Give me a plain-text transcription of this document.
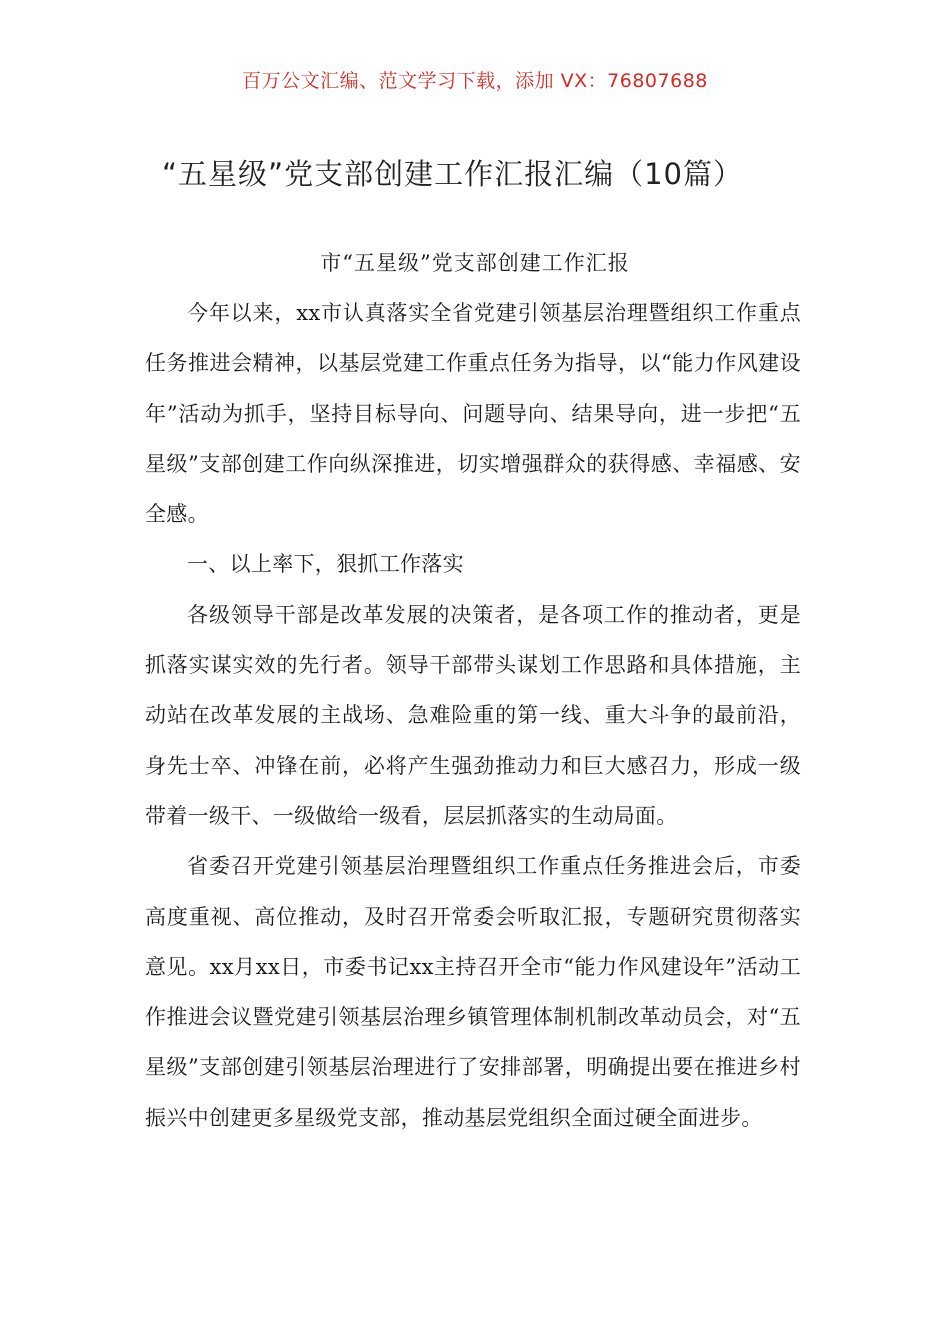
百万公文汇编、范文学习下载，添加 VX：76807688
“五星级”党支部创建工作汇报汇编（10篇）
市“五星级”党支部创建工作汇报

今年以来，xx市认真落实全省党建引领基层治理暨组织工作重点任务推进会精神，以基层党建工作重点任务为指导，以“能力作风建设年”活动为抓手，坚持目标导向、问题导向、结果导向，进一步把“五星级”支部创建工作向纵深推进，切实增强群众的获得感、幸福感、安全感。

一、以上率下，狠抓工作落实

各级领导干部是改革发展的决策者，是各项工作的推动者，更是抓落实谋实效的先行者。领导干部带头谋划工作思路和具体措施，主动站在改革发展的主战场、急难险重的第一线、重大斗争的最前沿，身先士卒、冲锋在前，必将产生强劲推动力和巨大感召力，形成一级带着一级干、一级做给一级看，层层抓落实的生动局面。

省委召开党建引领基层治理暨组织工作重点任务推进会后，市委高度重视、高位推动，及时召开常委会听取汇报，专题研究贯彻落实意见。xx月xx日，市委书记xx主持召开全市“能力作风建设年”活动工作推进会议暨党建引领基层治理乡镇管理体制机制改革动员会，对“五星级”支部创建引领基层治理进行了安排部署，明确提出要在推进乡村振兴中创建更多星级党支部，推动基层党组织全面过硬全面进步。
